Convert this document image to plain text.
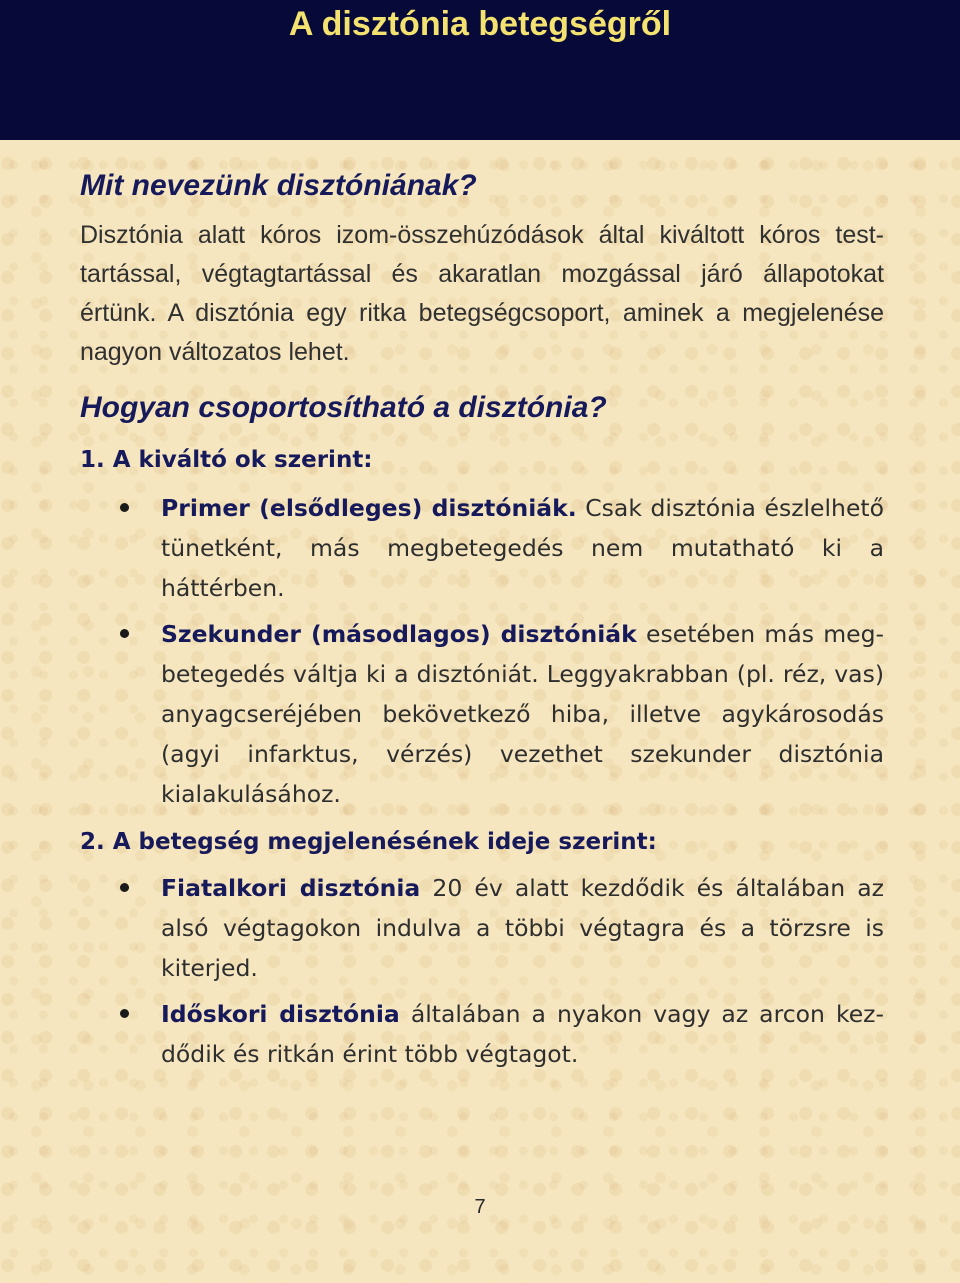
A disztónia betegségről
Mit nevezünk disztóniának?

Disztónia alatt kóros izom-összehúzódások által kiváltott kóros testtartással, végtagtartással és akaratlan mozgással járó állapotokat értünk. A disztónia egy ritka betegségcsoport, aminek a megjelenése nagyon változatos lehet.

Hogyan csoportosítható a disztónia?

1. A kiváltó ok szerint:

Primer (elsődleges) disztóniák. Csak disztónia észlelhető tünetként, más megbetegedés nem mutatható ki a háttérben.

Szekunder (másodlagos) disztóniák esetében más megbetegedés váltja ki a disztóniát. Leggyakrabban (pl. réz, vas) anyagcseréjében bekövetkező hiba, illetve agykárosodás (agyi infarktus, vérzés) vezethet szekunder disztónia kialakulásához.

2. A betegség megjelenésének ideje szerint:

Fiatalkori disztónia 20 év alatt kezdődik és általában az alsó végtagokon indulva a többi végtagra és a törzsre is kiterjed.

Időskori disztónia általában a nyakon vagy az arcon kezdődik és ritkán érint több végtagot.

7
